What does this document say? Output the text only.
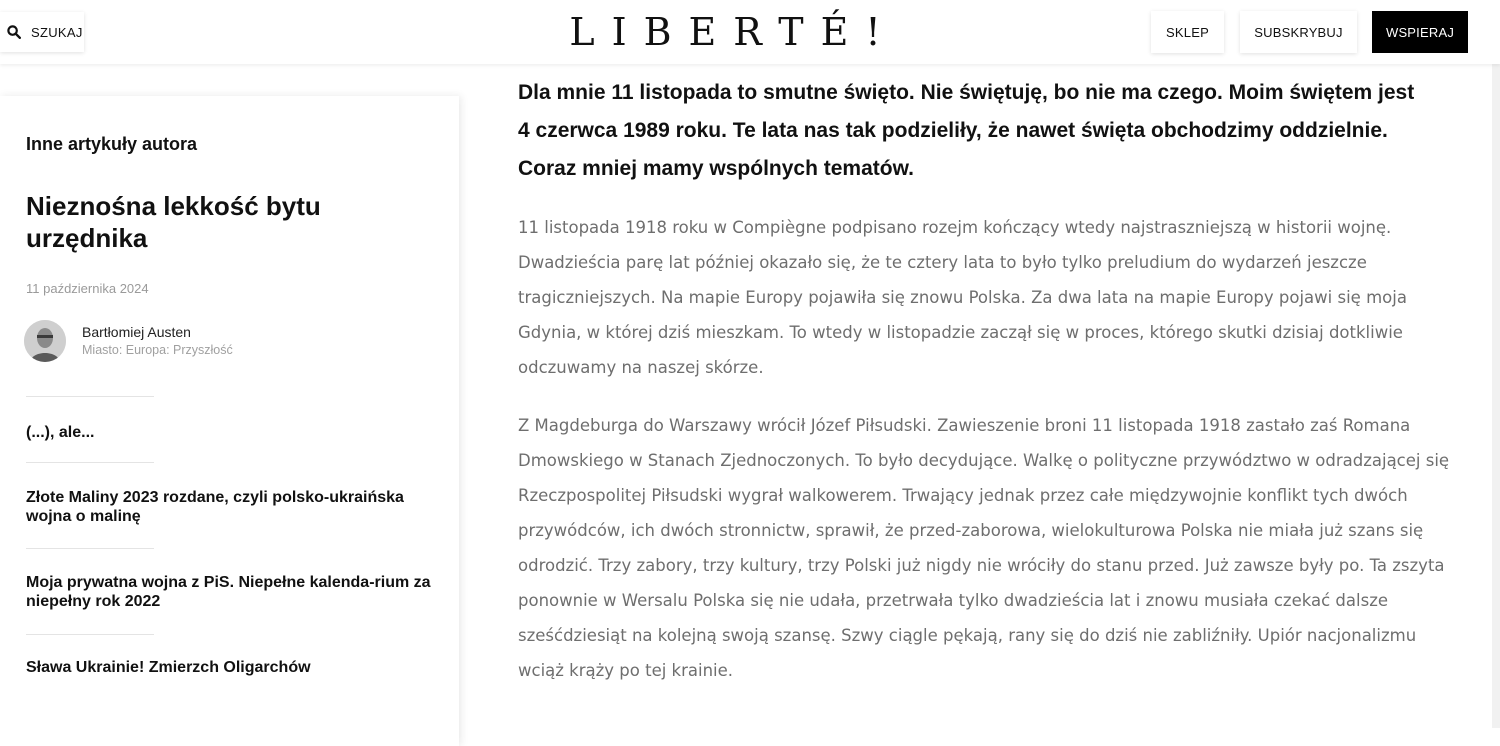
SZUKAJ	LIBERTÉ!	SKLEP	SUBSKRYBUJ	WSPIERAJ
Inne artykuły autora
Nieznośna lekkość bytu urzędnika
11 października 2024
Bartłomiej Austen
Miasto: Europa: Przyszłość
(...), ale...
Złote Maliny 2023 rozdane, czyli polsko-ukraińska wojna o malinę
Moja prywatna wojna z PiS. Niepełne kalenda-rium za niepełny rok 2022
Sława Ukrainie! Zmierzch Oligarchów
Dla mnie 11 listopada to smutne święto. Nie świętuję, bo nie ma czego. Moim świętem jest 4 czerwca 1989 roku. Te lata nas tak podzieliły, że nawet święta obchodzimy oddzielnie. Coraz mniej mamy wspólnych tematów.

11 listopada 1918 roku w Compiègne podpisano rozejm kończący wtedy najstraszniejszą w historii wojnę. Dwadzieścia parę lat później okazało się, że te cztery lata to było tylko preludium do wydarzeń jeszcze tragiczniejszych. Na mapie Europy pojawiła się znowu Polska. Za dwa lata na mapie Europy pojawi się moja Gdynia, w której dziś mieszkam. To wtedy w listopadzie zaczął się w proces, którego skutki dzisiaj dotkliwie odczuwamy na naszej skórze.

Z Magdeburga do Warszawy wrócił Józef Piłsudski. Zawieszenie broni 11 listopada 1918 zastało zaś Romana Dmowskiego w Stanach Zjednoczonych. To było decydujące. Walkę o polityczne przywództwo w odradzającej się Rzeczpospolitej Piłsudski wygrał walkowerem. Trwający jednak przez całe międzywojnie konflikt tych dwóch przywódców, ich dwóch stronnictw, sprawił, że przed-zaborowa, wielokulturowa Polska nie miała już szans się odrodzić. Trzy zabory, trzy kultury, trzy Polski już nigdy nie wróciły do stanu przed. Już zawsze były po. Ta zszyta ponownie w Wersalu Polska się nie udała, przetrwała tylko dwadzieścia lat i znowu musiała czekać dalsze sześćdziesiąt na kolejną swoją szansę. Szwy ciągle pękają, rany się do dziś nie zabliźniły. Upiór nacjonalizmu wciąż krąży po tej krainie.
